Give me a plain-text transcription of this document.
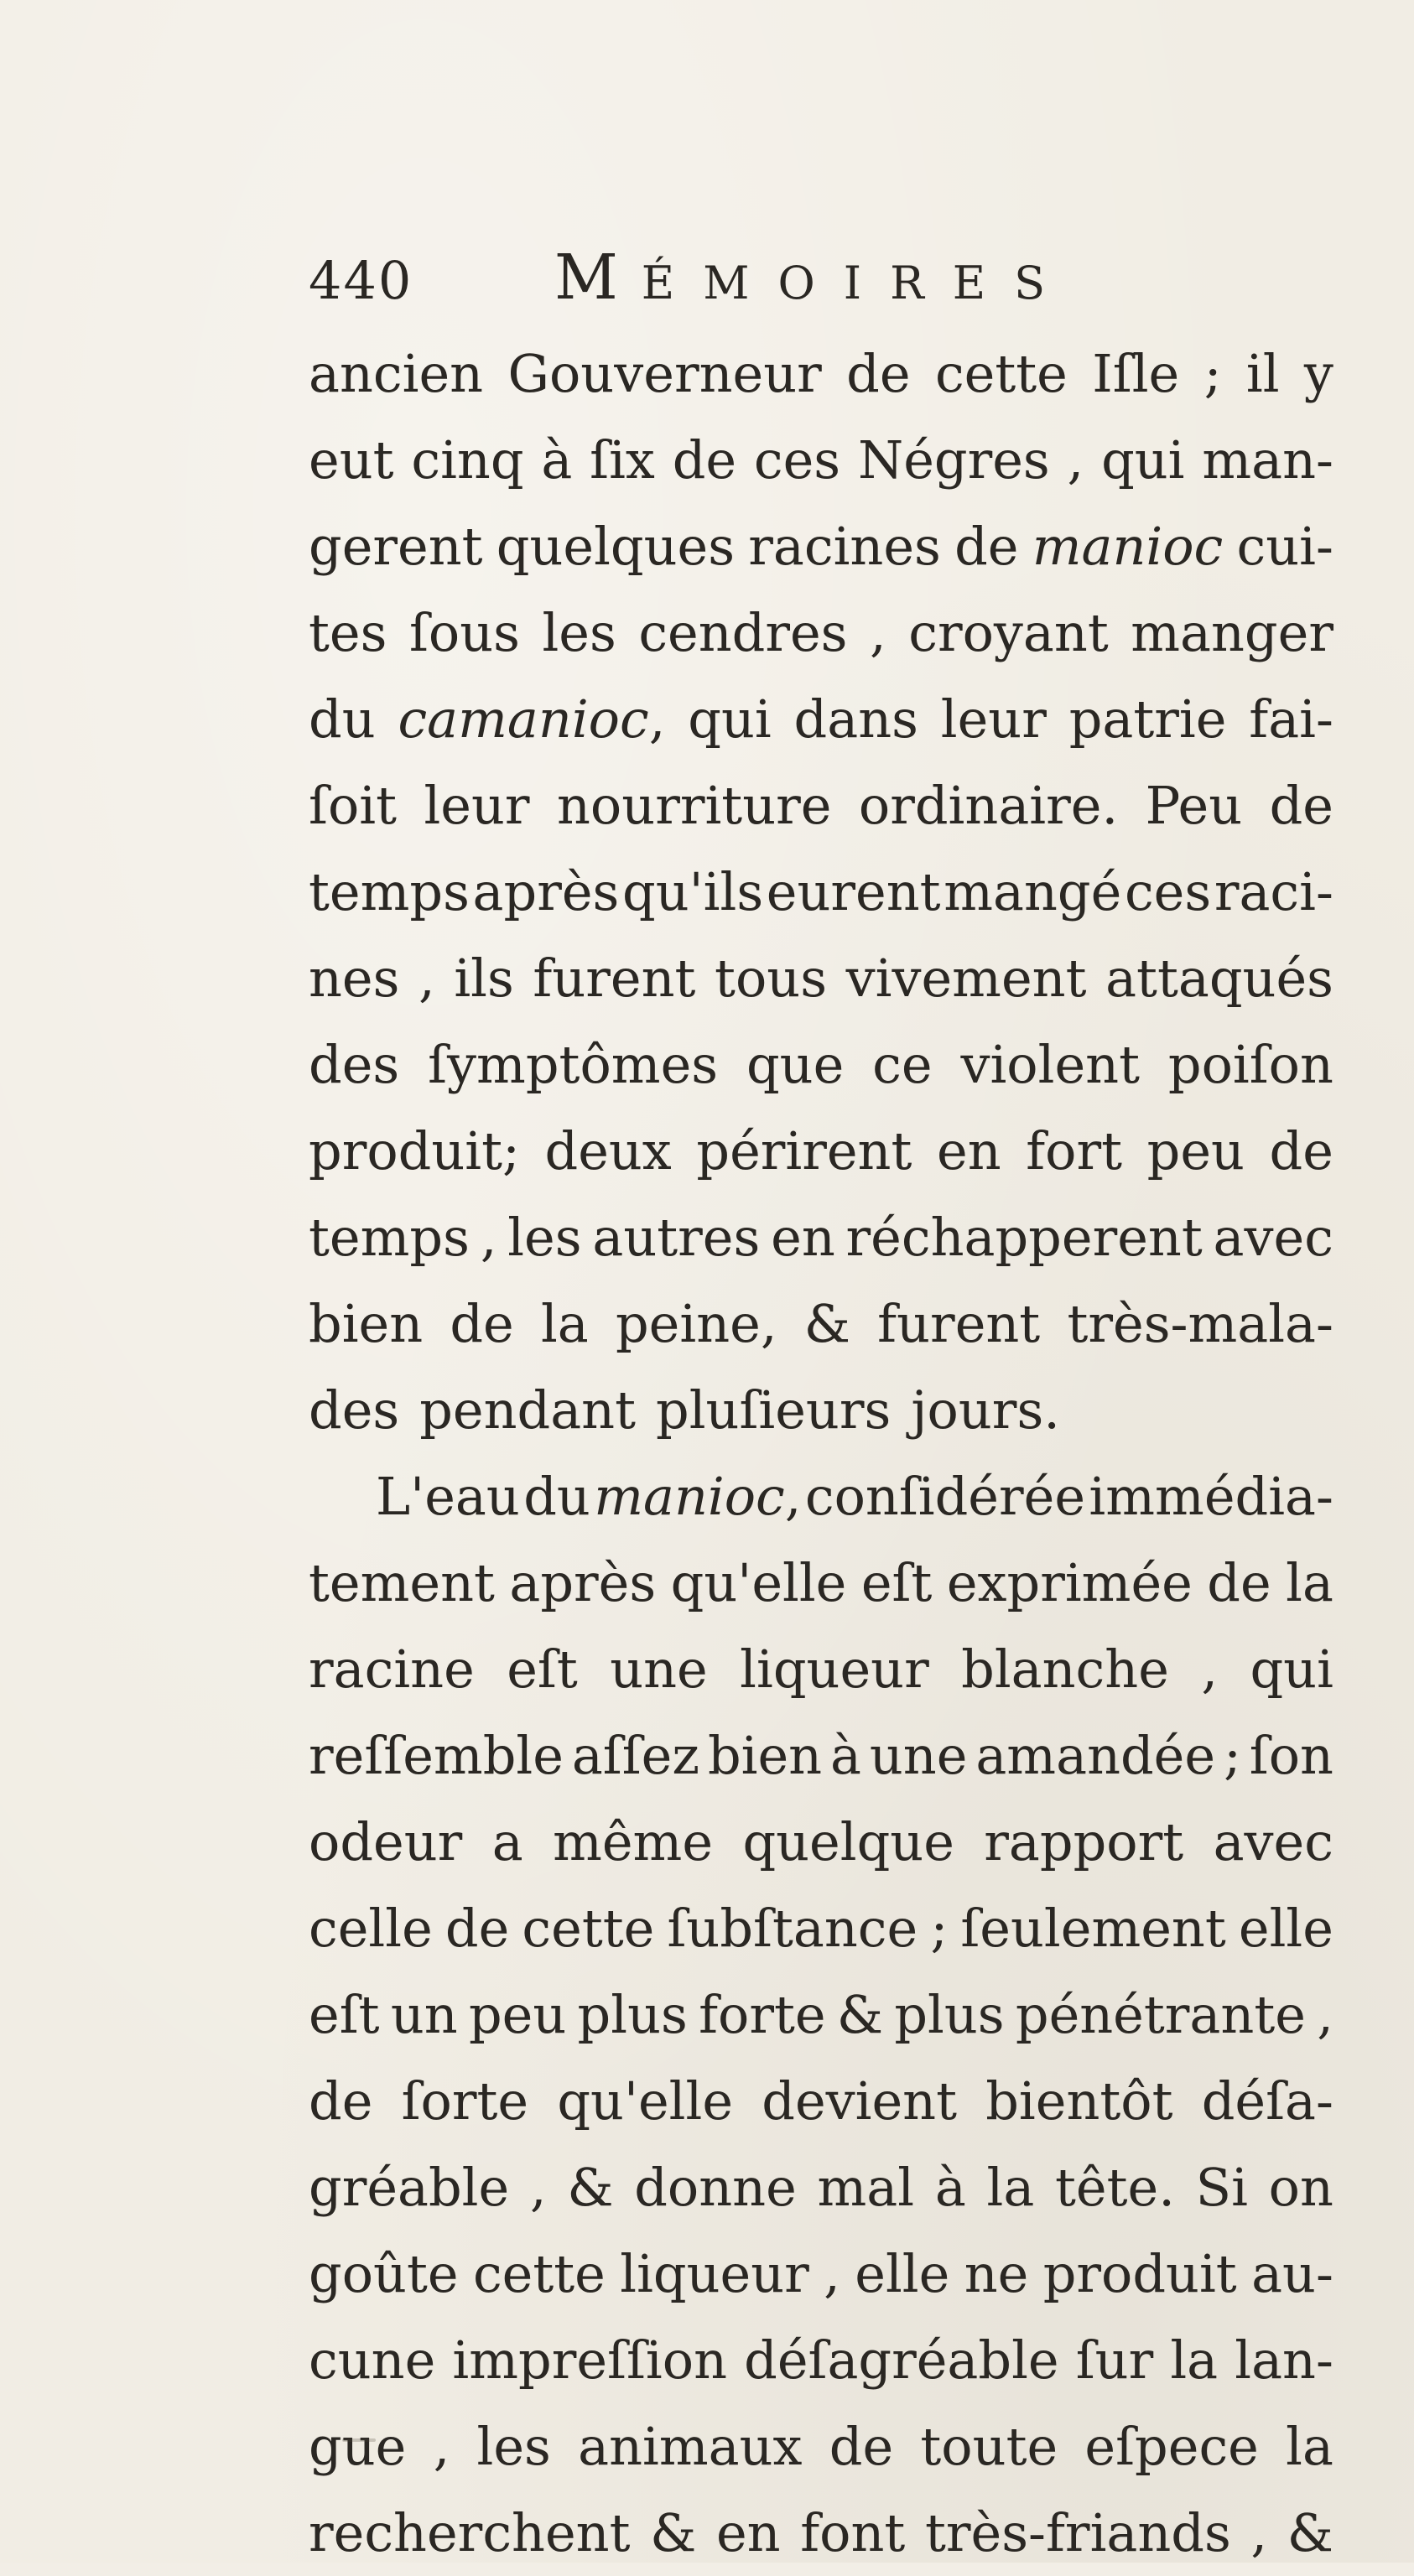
440 MÉMOIRES
ancien Gouverneur de cette Iſle ; il y
eut cinq à ſix de ces Négres , qui man-
gerent quelques racines de manioc cui-
tes ſous les cendres , croyant manger
du camanioc, qui dans leur patrie fai-
ſoit leur nourriture ordinaire. Peu de
temps après qu'ils eurent mangé ces raci-
nes , ils furent tous vivement attaqués
des ſymptômes que ce violent poiſon
produit; deux périrent en fort peu de
temps , les autres en réchapperent avec
bien de la peine, & furent très-mala-
des pendant pluſieurs jours.
L'eau du manioc, conſidérée immédia-
tement après qu'elle eſt exprimée de la
racine eſt une liqueur blanche , qui
reſſemble aſſez bien à une amandée ; ſon
odeur a même quelque rapport avec
celle de cette ſubſtance ; ſeulement elle
eſt un peu plus forte & plus pénétrante ,
de ſorte qu'elle devient bientôt déſa-
gréable , & donne mal à la tête. Si on
goûte cette liqueur , elle ne produit au-
cune impreſſion déſagréable ſur la lan-
gue , les animaux de toute eſpece la
recherchent & en font très-friands , &
